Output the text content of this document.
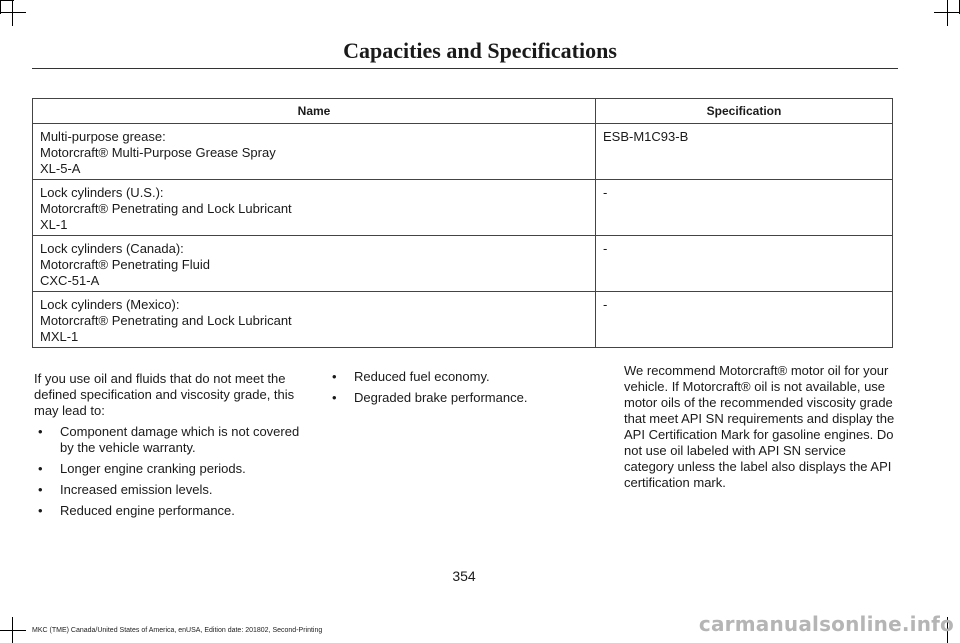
Capacities and Specifications
Name	Specification

Multi-purpose grease:
Motorcraft® Multi-Purpose Grease Spray
XL-5-A	ESB-M1C93-B

Lock cylinders (U.S.):
Motorcraft® Penetrating and Lock Lubricant
XL-1	-

Lock cylinders (Canada):
Motorcraft® Penetrating Fluid
CXC-51-A	-

Lock cylinders (Mexico):
Motorcraft® Penetrating and Lock Lubricant
MXL-1	-

If you use oil and fluids that do not meet the defined specification and viscosity grade, this may lead to:

• Component damage which is not covered by the vehicle warranty.
• Longer engine cranking periods.
• Increased emission levels.
• Reduced engine performance.
• Reduced fuel economy.
• Degraded brake performance.

We recommend Motorcraft® motor oil for your vehicle. If Motorcraft® oil is not available, use motor oils of the recommended viscosity grade that meet API SN requirements and display the API Certification Mark for gasoline engines. Do not use oil labeled with API SN service category unless the label also displays the API certification mark.

354
MKC (TME) Canada/United States of America, enUSA, Edition date: 201802, Second-Printing	carmanualsonline.info
